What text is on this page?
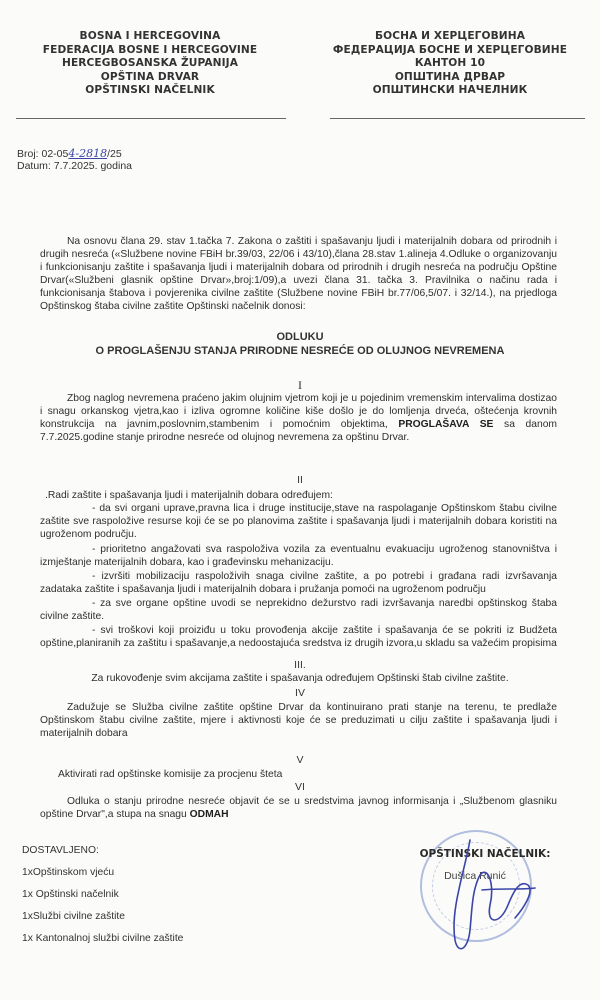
BOSNA I HERCEGOVINA
FEDERACIJA BOSNE I HERCEGOVINE
HERCEGBOSANSKA ŽUPANIJA
OPŠTINA DRVAR
OPŠTINSKI NAČELNIK
БОСНА И ХЕРЦЕГОВИНА
ФЕДЕРАЦИЈА БОСНЕ И ХЕРЦЕГОВИНЕ
КАНТОН 10
ОПШТИНА ДРВАР
ОПШТИНСКИ НАЧЕЛНИК
Broj: 02-054-2818/25
Datum: 7.7.2025. godina
Na osnovu člana 29. stav 1.tačka 7. Zakona o zaštiti i spašavanju ljudi i materijalnih dobara od prirodnih i drugih nesreća («Službene novine FBiH br.39/03, 22/06 i 43/10),člana 28.stav 1.alineja 4.Odluke o organizovanju i funkcionisanju zaštite i spašavanja ljudi i materijalnih dobara od prirodnih i drugih nesreća na području Opštine Drvar(«Službeni glasnik opštine Drvar»,broj:1/09),a uvezi člana 31. tačka 3. Pravilnika o načinu rada i funkcionisanja štabova i povjerenika civilne zaštite (Službene novine FBiH br.77/06,5/07. i 32/14.), na prjedloga Opštinskog štaba civilne zaštite Opštinski načelnik donosi:
ODLUKU
O PROGLAŠENJU STANJA PRIRODNE NESREĆE OD OLUJNOG NEVREMENA
I
Zbog naglog nevremena praćeno jakim olujnim vjetrom koji je u pojedinim vremenskim intervalima dostizao i snagu orkanskog vjetra,kao i izliva ogromne količine kiše došlo je do lomljenja drveća, oštećenja krovnih konstrukcija na javnim,poslovnim,stambenim i pomoćnim objektima, PROGLAŠAVA SE sa danom 7.7.2025.godine stanje prirodne nesreće od olujnog nevremena za opštinu Drvar.
II
.Radi zaštite i spašavanja ljudi i materijalnih dobara određujem:
- da svi organi uprave,pravna lica i druge institucije,stave na raspolaganje Opštinskom štabu civilne zaštite sve raspoložive resurse koji će se po planovima zaštite i spašavanja ljudi i materijalnih dobara koristiti na ugroženom području.
- prioritetno angažovati sva raspoloživa vozila za eventualnu evakuaciju ugroženog stanovništva i izmještanje materijalnih dobara, kao i građevinsku mehanizaciju.
- izvršiti mobilizaciju raspoloživih snaga civilne zaštite, a po potrebi i građana radi izvršavanja zadataka zaštite i spašavanja ljudi i materijalnih dobara i pružanja pomoći na ugroženom području
- za sve organe opštine uvodi se neprekidno dežurstvo radi izvršavanja naredbi opštinskog štaba civilne zaštite.
- svi troškovi koji proiziđu u toku provođenja akcije zaštite i spašavanja će se pokriti iz Budžeta opštine,planiranih za zaštitu i spašavanje,a nedoostajuća sredstva iz drugih izvora,u skladu sa važećim propisima
III.
Za rukovođenje svim akcijama zaštite i spašavanja određujem Opštinski štab civilne zaštite.
IV
Zadužuje se Služba civilne zaštite opštine Drvar da kontinuirano prati stanje na terenu, te predlaže Opštinskom štabu civilne zaštite, mjere i aktivnosti koje će se preduzimati u cilju zaštite i spašavanja ljudi i materijalnih dobara
V
Aktivirati rad opštinske komisije za procjenu šteta
VI
Odluka o stanju prirodne nesreće objavit će se u sredstvima javnog informisanja i „Službenom glasniku opštine Drvar",a stupa na snagu ODMAH
DOSTAVLJENO:
1xOpštinskom vjeću
1x Opštinski načelnik
1xSlužbi civilne zaštite
1x Kantonalnoj službi civilne zaštite
OPŠTINSKI NAČELNIK:
Dušica Runić
